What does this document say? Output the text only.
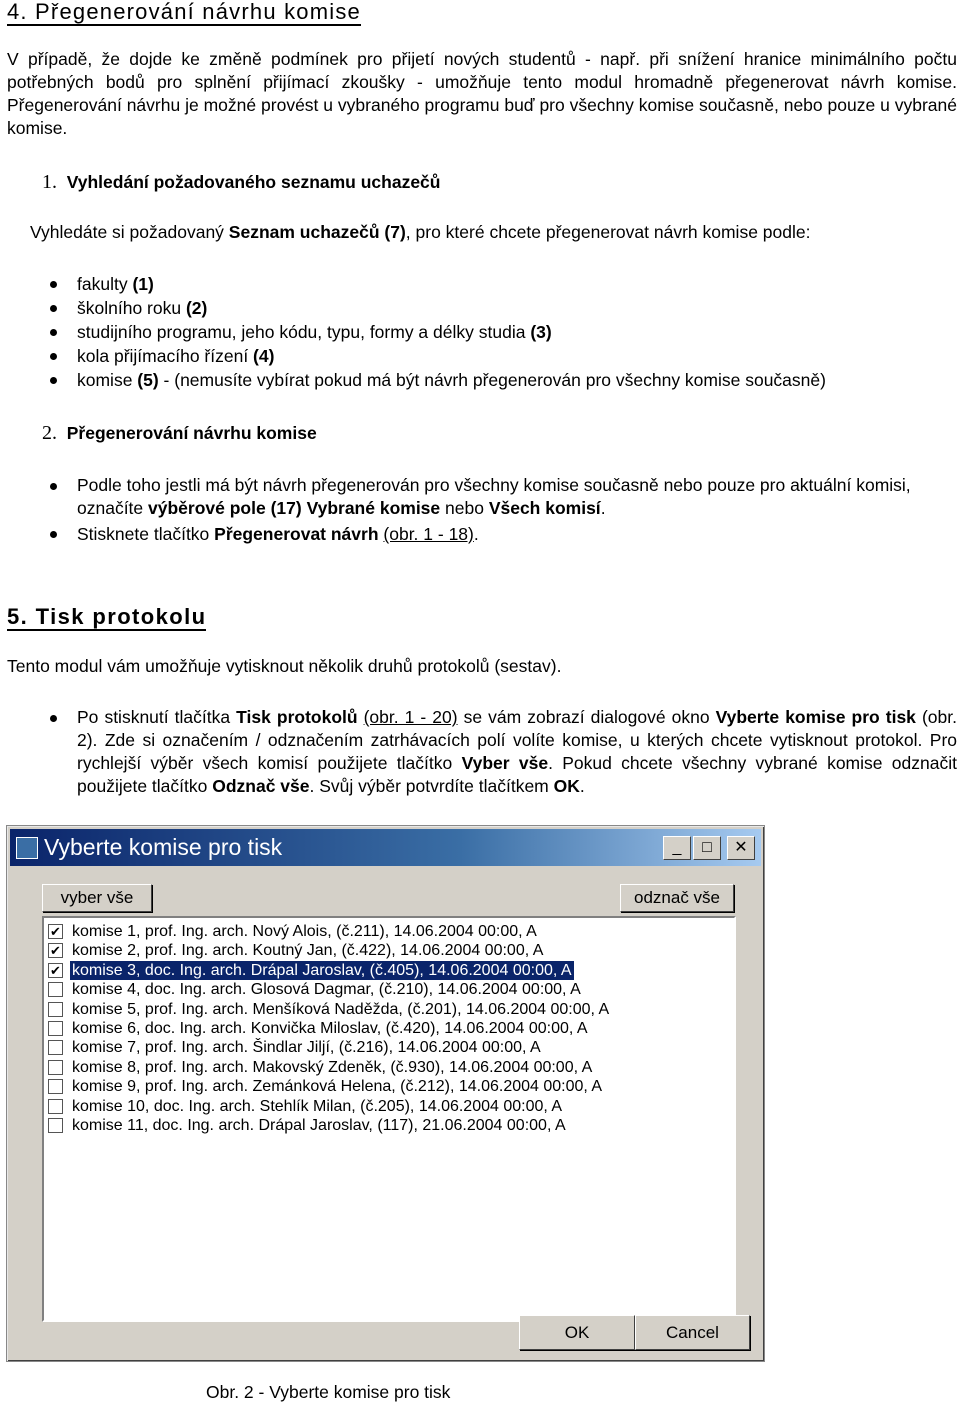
4. Přegenerování návrhu komise
V případě, že dojde ke změně podmínek pro přijetí nových studentů - např. při snížení hranice minimálního počtu potřebných bodů pro splnění přijímací zkoušky - umožňuje tento modul hromadně přegenerovat návrh komise. Přegenerování návrhu je možné provést u vybraného programu buď pro všechny komise současně, nebo pouze u vybrané komise.
1. Vyhledání požadovaného seznamu uchazečů
Vyhledáte si požadovaný Seznam uchazečů (7), pro které chcete přegenerovat návrh komise podle:
fakulty (1)
školního roku (2)
studijního programu, jeho kódu, typu, formy a délky studia (3)
kola přijímacího řízení (4)
komise (5) - (nemusíte vybírat pokud má být návrh přegenerován pro všechny komise současně)
2. Přegenerování návrhu komise
Podle toho jestli má být návrh přegenerován pro všechny komise současně nebo pouze pro aktuální komisi, označíte výběrové pole (17) Vybrané komise nebo Všech komisí.
Stisknete tlačítko Přegenerovat návrh (obr. 1 - 18).
5. Tisk protokolu
Tento modul vám umožňuje vytisknout několik druhů protokolů (sestav).
Po stisknutí tlačítka Tisk protokolů (obr. 1 - 20) se vám zobrazí dialogové okno Vyberte komise pro tisk (obr. 2). Zde si označením / odznačením zatrhávacích polí volíte komise, u kterých chcete vytisknout protokol. Pro rychlejší výběr všech komisí použijete tlačítko Vyber vše. Pokud chcete všechny vybrané komise odznačit použijete tlačítko Odznač vše. Svůj výběr potvrdíte tlačítkem OK.
Vyberte komise pro tisk	_	□	✕
vyber vše	odznač vše
✔ komise 1, prof. Ing. arch. Nový Alois, (č.211), 14.06.2004 00:00, A
✔ komise 2, prof. Ing. arch. Koutný Jan, (č.422), 14.06.2004 00:00, A
✔ komise 3, doc. Ing. arch. Drápal Jaroslav, (č.405), 14.06.2004 00:00, A
komise 4, doc. Ing. arch. Glosová Dagmar, (č.210), 14.06.2004 00:00, A
komise 5, prof. Ing. arch. Menšíková Naděžda, (č.201), 14.06.2004 00:00, A
komise 6, doc. Ing. arch. Konvička Miloslav, (č.420), 14.06.2004 00:00, A
komise 7, prof. Ing. arch. Šindlar Jiljí, (č.216), 14.06.2004 00:00, A
komise 8, prof. Ing. arch. Makovský Zdeněk, (č.930), 14.06.2004 00:00, A
komise 9, prof. Ing. arch. Zemánková Helena, (č.212), 14.06.2004 00:00, A
komise 10, doc. Ing. arch. Stehlík Milan, (č.205), 14.06.2004 00:00, A
komise 11, doc. Ing. arch. Drápal Jaroslav, (117), 21.06.2004 00:00, A
OK	Cancel
Obr. 2 - Vyberte komise pro tisk
